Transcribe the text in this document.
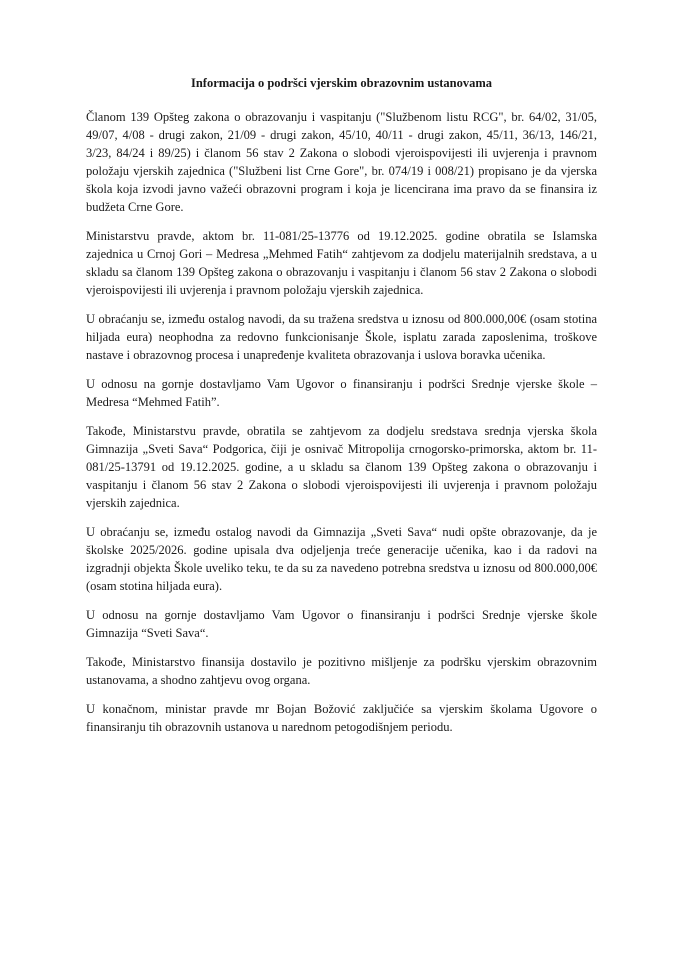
Informacija o podršci vjerskim obrazovnim ustanovama

Članom 139 Opšteg zakona o obrazovanju i vaspitanju ("Službenom listu RCG", br. 64/02, 31/05, 49/07, 4/08 - drugi zakon, 21/09 - drugi zakon, 45/10, 40/11 - drugi zakon, 45/11, 36/13, 146/21, 3/23, 84/24 i 89/25) i članom 56 stav 2 Zakona o slobodi vjeroispovijesti ili uvjerenja i pravnom položaju vjerskih zajednica ("Službeni list Crne Gore", br. 074/19 i 008/21) propisano je da vjerska škola koja izvodi javno važeći obrazovni program i koja je licencirana ima pravo da se finansira iz budžeta Crne Gore.

Ministarstvu pravde, aktom br. 11-081/25-13776 od 19.12.2025. godine obratila se Islamska zajednica u Crnoj Gori – Medresa „Mehmed Fatih“ zahtjevom za dodjelu materijalnih sredstava, a u skladu sa članom 139 Opšteg zakona o obrazovanju i vaspitanju i članom 56 stav 2 Zakona o slobodi vjeroispovijesti ili uvjerenja i pravnom položaju vjerskih zajednica.

U obraćanju se, između ostalog navodi, da su tražena sredstva u iznosu od 800.000,00€ (osam stotina hiljada eura) neophodna za redovno funkcionisanje Škole, isplatu zarada zaposlenima, troškove nastave i obrazovnog procesa i unapređenje kvaliteta obrazovanja i uslova boravka učenika.

U odnosu na gornje dostavljamo Vam Ugovor o finansiranju i podršci Srednje vjerske škole – Medresa “Mehmed Fatih”.

Takođe, Ministarstvu pravde, obratila se zahtjevom za dodjelu sredstava srednja vjerska škola Gimnazija „Sveti Sava“ Podgorica, čiji je osnivač Mitropolija crnogorsko-primorska, aktom br. 11-081/25-13791 od 19.12.2025. godine, a u skladu sa članom 139 Opšteg zakona o obrazovanju i vaspitanju i članom 56 stav 2 Zakona o slobodi vjeroispovijesti ili uvjerenja i pravnom položaju vjerskih zajednica.

U obraćanju se, između ostalog navodi da Gimnazija „Sveti Sava“ nudi opšte obrazovanje, da je školske 2025/2026. godine upisala dva odjeljenja treće generacije učenika, kao i da radovi na izgradnji objekta Škole uveliko teku, te da su za navedeno potrebna sredstva u iznosu od 800.000,00€ (osam stotina hiljada eura).

U odnosu na gornje dostavljamo Vam Ugovor o finansiranju i podršci Srednje vjerske škole Gimnazija “Sveti Sava“.

Takođe, Ministarstvo finansija dostavilo je pozitivno mišljenje za podršku vjerskim obrazovnim ustanovama, a shodno zahtjevu ovog organa.

U konačnom, ministar pravde mr Bojan Božović zaključiće sa vjerskim školama Ugovore o finansiranju tih obrazovnih ustanova u narednom petogodišnjem periodu.
